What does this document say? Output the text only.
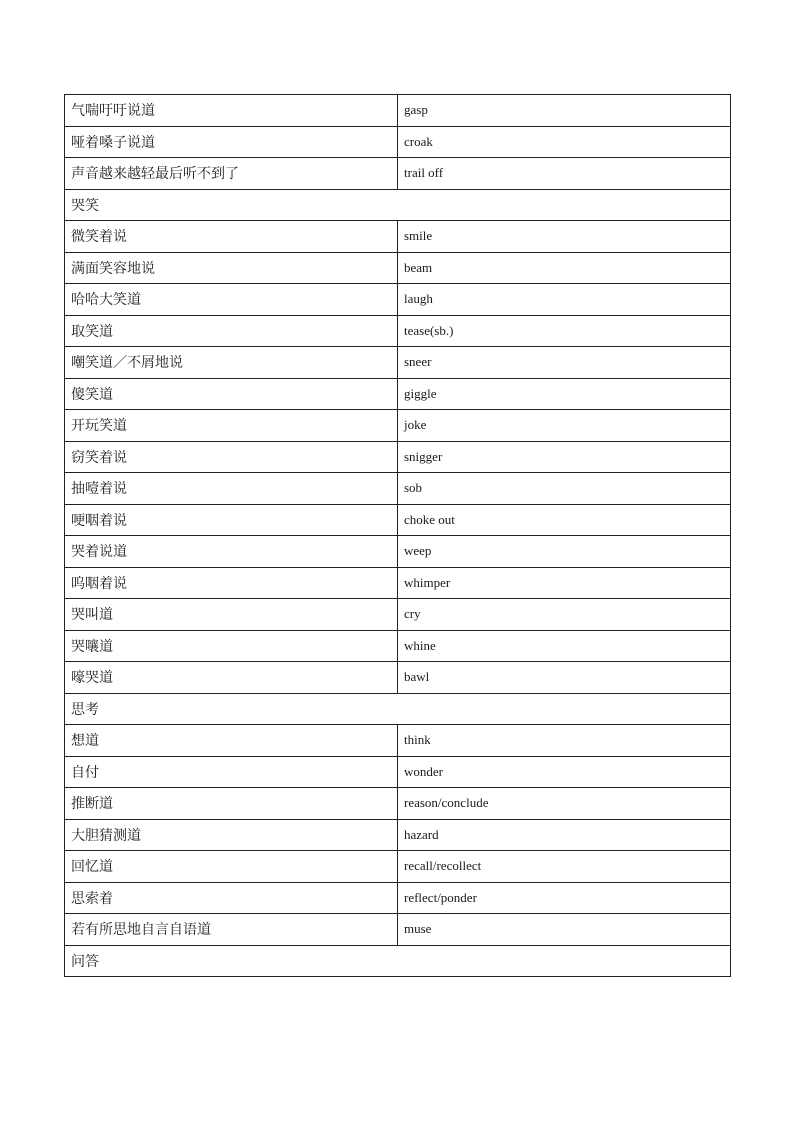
气喘吁吁说道	gasp
哑着嗓子说道	croak
声音越来越轻最后听不到了	trail off
哭笑	
微笑着说	smile
满面笑容地说	beam
哈哈大笑道	laugh
取笑道	tease(sb.)
嘲笑道／不屑地说	sneer
傻笑道	giggle
开玩笑道	joke
窃笑着说	snigger
抽噎着说	sob
哽咽着说	choke out
哭着说道	weep
呜咽着说	whimper
哭叫道	cry
哭嚷道	whine
嚎哭道	bawl
思考	
想道	think
自付	wonder
推断道	reason/conclude
大胆猜测道	hazard
回忆道	recall/recollect
思索着	reflect/ponder
若有所思地自言自语道	muse
问答	
